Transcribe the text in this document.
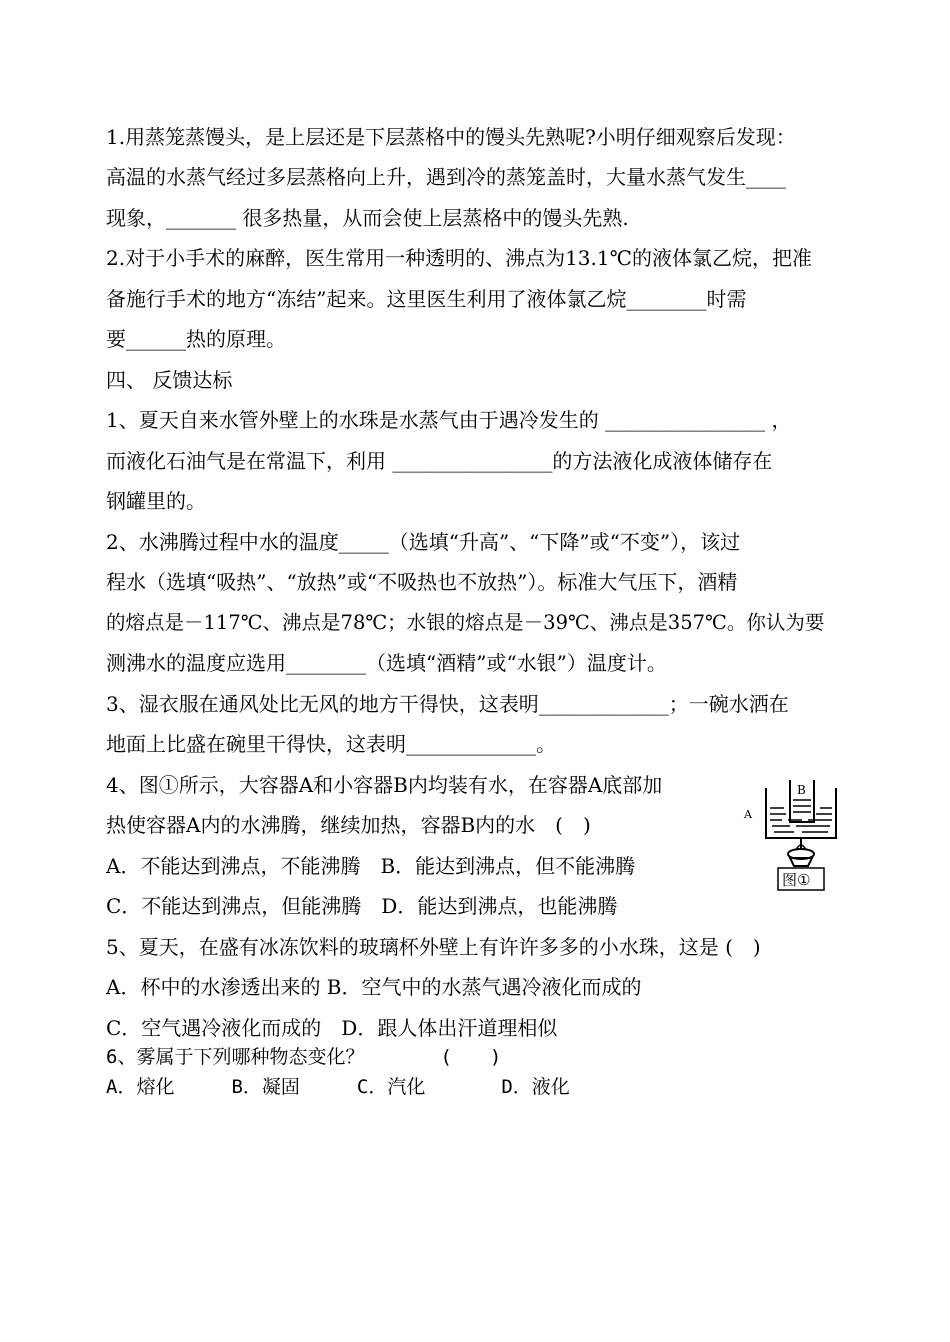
1.用蒸笼蒸馒头，是上层还是下层蒸格中的馒头先熟呢?小明仔细观察后发现：
高温的水蒸气经过多层蒸格向上升，遇到冷的蒸笼盖时，大量水蒸气发生____
现象，_______ 很多热量，从而会使上层蒸格中的馒头先熟.
2.对于小手术的麻醉，医生常用一种透明的、沸点为13.1℃的液体氯乙烷，把准
备施行手术的地方“冻结”起来。这里医生利用了液体氯乙烷________时需
要______热的原理。
四、 反馈达标
1、夏天自来水管外壁上的水珠是水蒸气由于遇冷发生的 ________________ ，
而液化石油气是在常温下，利用 ________________的方法液化成液体储存在
钢罐里的。
2、水沸腾过程中水的温度_____（选填“升高”、“下降”或“不变”），该过
程水（选填“吸热”、“放热”或“不吸热也不放热”）。标准大气压下，酒精
的熔点是－117℃、沸点是78℃；水银的熔点是－39℃、沸点是357℃。你认为要
测沸水的温度应选用________（选填“酒精”或“水银”）温度计。
3、湿衣服在通风处比无风的地方干得快，这表明_____________；一碗水洒在
地面上比盛在碗里干得快，这表明_____________。
4、图①所示，大容器A和小容器B内均装有水，在容器A底部加
热使容器A内的水沸腾，继续加热，容器B内的水　(　)
A．不能达到沸点，不能沸腾　B．能达到沸点，但不能沸腾
C．不能达到沸点，但能沸腾　D．能达到沸点，也能沸腾
5、夏天，在盛有冰冻饮料的玻璃杯外壁上有许许多多的小水珠，这是 (　)
A．杯中的水渗透出来的 B．空气中的水蒸气遇冷液化而成的
C．空气遇冷液化而成的　D．跟人体出汗道理相似
6、雾属于下列哪种物态变化？　　　　(　　)
A．熔化　　　B．凝固　　　C．汽化　　　　D．液化
B
A
图①
